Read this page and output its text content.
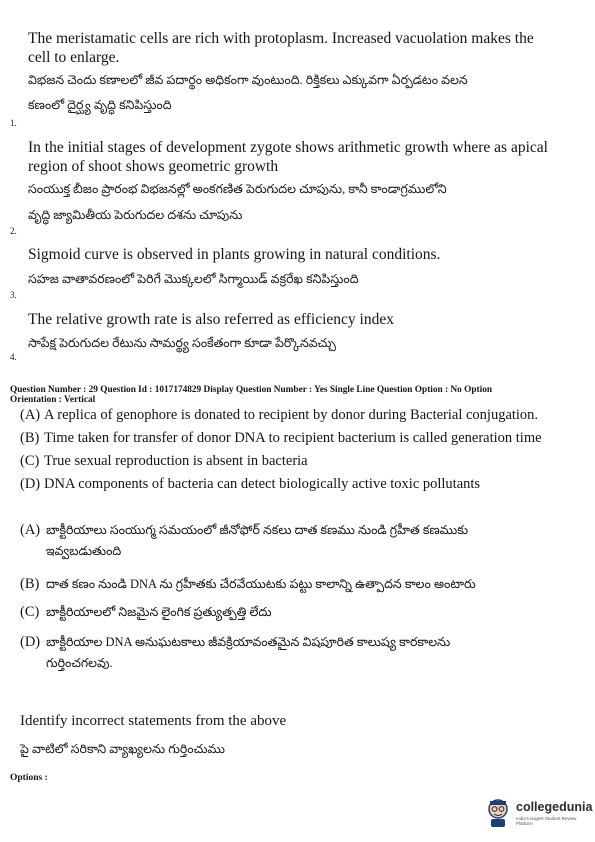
The meristamatic cells are rich with protoplasm. Increased vacuolation makes the
cell to enlarge.
విభజన చెందు కణాలలో జీవ పదార్థం అధికంగా వుంటుంది. రిక్తికలు ఎక్కువగా ఏర్పడటం వలన
కణంలో దైర్ఘ్య వృద్ధి కనిపిస్తుంది
1.
In the initial stages of development zygote shows arithmetic growth where as apical
region of shoot shows geometric growth
సంయుక్త బీజం ప్రారంభ విభజనల్లో అంకగణిత పెరుగుదల చూపును, కానీ కాండాగ్రములోని
వృద్ధి జ్యామితీయ పెరుగుదల దశను చూపును
2.
Sigmoid curve is observed in plants growing in natural conditions.
సహజ వాతావరణంలో పెరిగే మొక్కలలో సిగ్మాయిడ్ వక్రరేఖ కనిపిస్తుంది
3.
The relative growth rate is also referred as efficiency index
సాపేక్ష పెరుగుదల రేటును సామర్థ్య సంకేతంగా కూడా పేర్కొనవచ్చు
4.
Question Number : 29 Question Id : 1017174829 Display Question Number : Yes Single Line Question Option : No Option
Orientation : Vertical
(A) A replica of genophore is donated to recipient by donor during Bacterial conjugation.
(B) Time taken for transfer of donor DNA to recipient bacterium is called generation time
(C) True sexual reproduction is absent in bacteria
(D) DNA components of bacteria can detect biologically active toxic pollutants
(A) బాక్టీరియాలు సంయుగ్మ సమయంలో జీనోఫోర్ నకలు దాత కణము నుండి గ్రహీత కణముకు
ఇవ్వబడుతుంది
(B) దాత కణం నుండి DNA ను గ్రహీతకు చేరవేయుటకు పట్టు కాలాన్ని ఉత్పాదన కాలం అంటారు
(C) బాక్టీరియాలలో నిజమైన లైంగిక ప్రత్యుత్పత్తి లేదు
(D) బాక్టీరియాల DNA అనుఘటకాలు జీవక్రియావంతమైన విషపూరిత కాలుష్య కారకాలను
గుర్తించగలవు.
Identify incorrect statements from the above
పై వాటిలో సరికాని వ్యాఖ్యలను గుర్తించుము
Options :
collegedunia
India's largest Student Review Platform
